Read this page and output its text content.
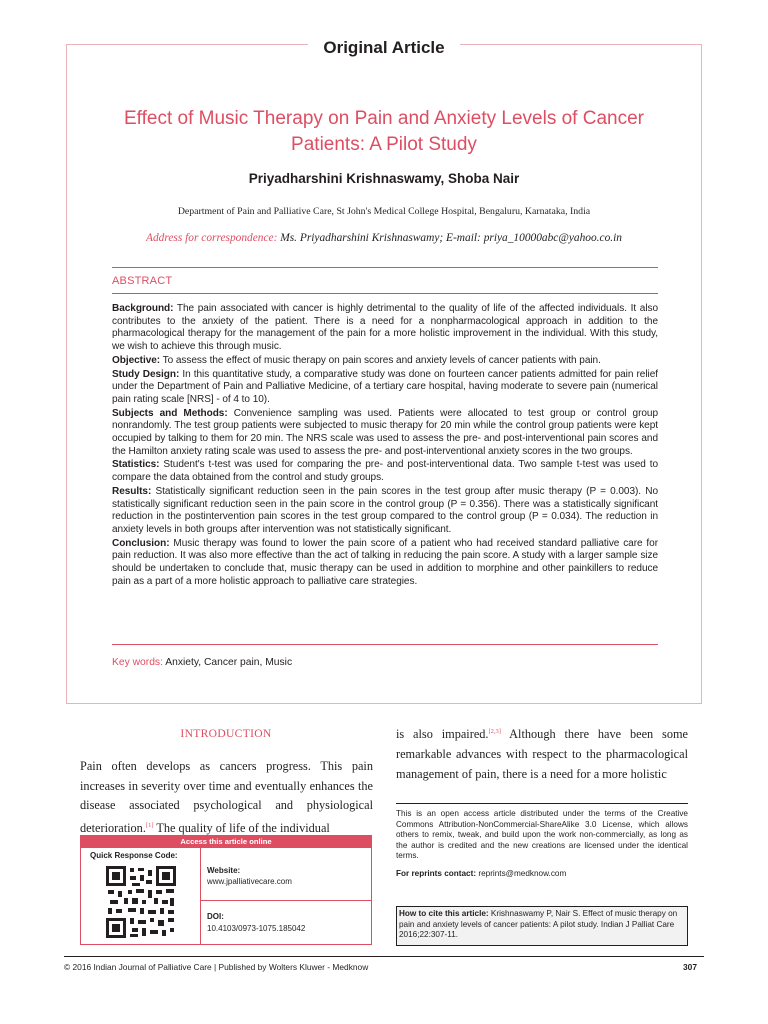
Original Article
Effect of Music Therapy on Pain and Anxiety Levels of Cancer Patients: A Pilot Study
Priyadharshini Krishnaswamy, Shoba Nair
Department of Pain and Palliative Care, St John's Medical College Hospital, Bengaluru, Karnataka, India
Address for correspondence: Ms. Priyadharshini Krishnaswamy; E-mail: priya_10000abc@yahoo.co.in
ABSTRACT

Background: The pain associated with cancer is highly detrimental to the quality of life of the affected individuals. It also contributes to the anxiety of the patient. There is a need for a nonpharmacological approach in addition to the pharmacological therapy for the management of the pain for a more holistic improvement in the individual. With this study, we wish to achieve this through music.

Objective: To assess the effect of music therapy on pain scores and anxiety levels of cancer patients with pain.

Study Design: In this quantitative study, a comparative study was done on fourteen cancer patients admitted for pain relief under the Department of Pain and Palliative Medicine, of a tertiary care hospital, having moderate to severe pain (numerical pain rating scale [NRS] - of 4 to 10).

Subjects and Methods: Convenience sampling was used. Patients were allocated to test group or control group nonrandomly. The test group patients were subjected to music therapy for 20 min while the control group patients were kept occupied by talking to them for 20 min. The NRS scale was used to assess the pre- and post-interventional pain scores and the Hamilton anxiety rating scale was used to assess the pre- and post-interventional anxiety scores in the two groups.

Statistics: Student's t-test was used for comparing the pre- and post-interventional data. Two sample t-test was used to compare the data obtained from the control and study groups.

Results: Statistically significant reduction seen in the pain scores in the test group after music therapy (P = 0.003). No statistically significant reduction seen in the pain score in the control group (P = 0.356). There was a statistically significant reduction in the postintervention pain scores in the test group compared to the control group (P = 0.034). The reduction in anxiety levels in both groups after intervention was not statistically significant.

Conclusion: Music therapy was found to lower the pain score of a patient who had received standard palliative care for pain reduction. It was also more effective than the act of talking in reducing the pain score. A study with a larger sample size should be undertaken to conclude that, music therapy can be used in addition to morphine and other painkillers to reduce pain as a part of a more holistic approach to palliative care strategies.

Key words: Anxiety, Cancer pain, Music
INTRODUCTION
Pain often develops as cancers progress. This pain increases in severity over time and eventually enhances the disease associated psychological and physiological deterioration.[1] The quality of life of the individual
is also impaired.[2,3] Although there have been some remarkable advances with respect to the pharmacological management of pain, there is a need for a more holistic
This is an open access article distributed under the terms of the Creative Commons Attribution-NonCommercial-ShareAlike 3.0 License, which allows others to remix, tweak, and build upon the work non-commercially, as long as the author is credited and the new creations are licensed under the identical terms.
For reprints contact: reprints@medknow.com
How to cite this article: Krishnaswamy P, Nair S. Effect of music therapy on pain and anxiety levels of cancer patients: A pilot study. Indian J Palliat Care 2016;22:307-11.
Access this article online
Quick Response Code:
Website:
www.jpalliativecare.com
DOI:
10.4103/0973-1075.185042
© 2016 Indian Journal of Palliative Care | Published by Wolters Kluwer - Medknow	307
